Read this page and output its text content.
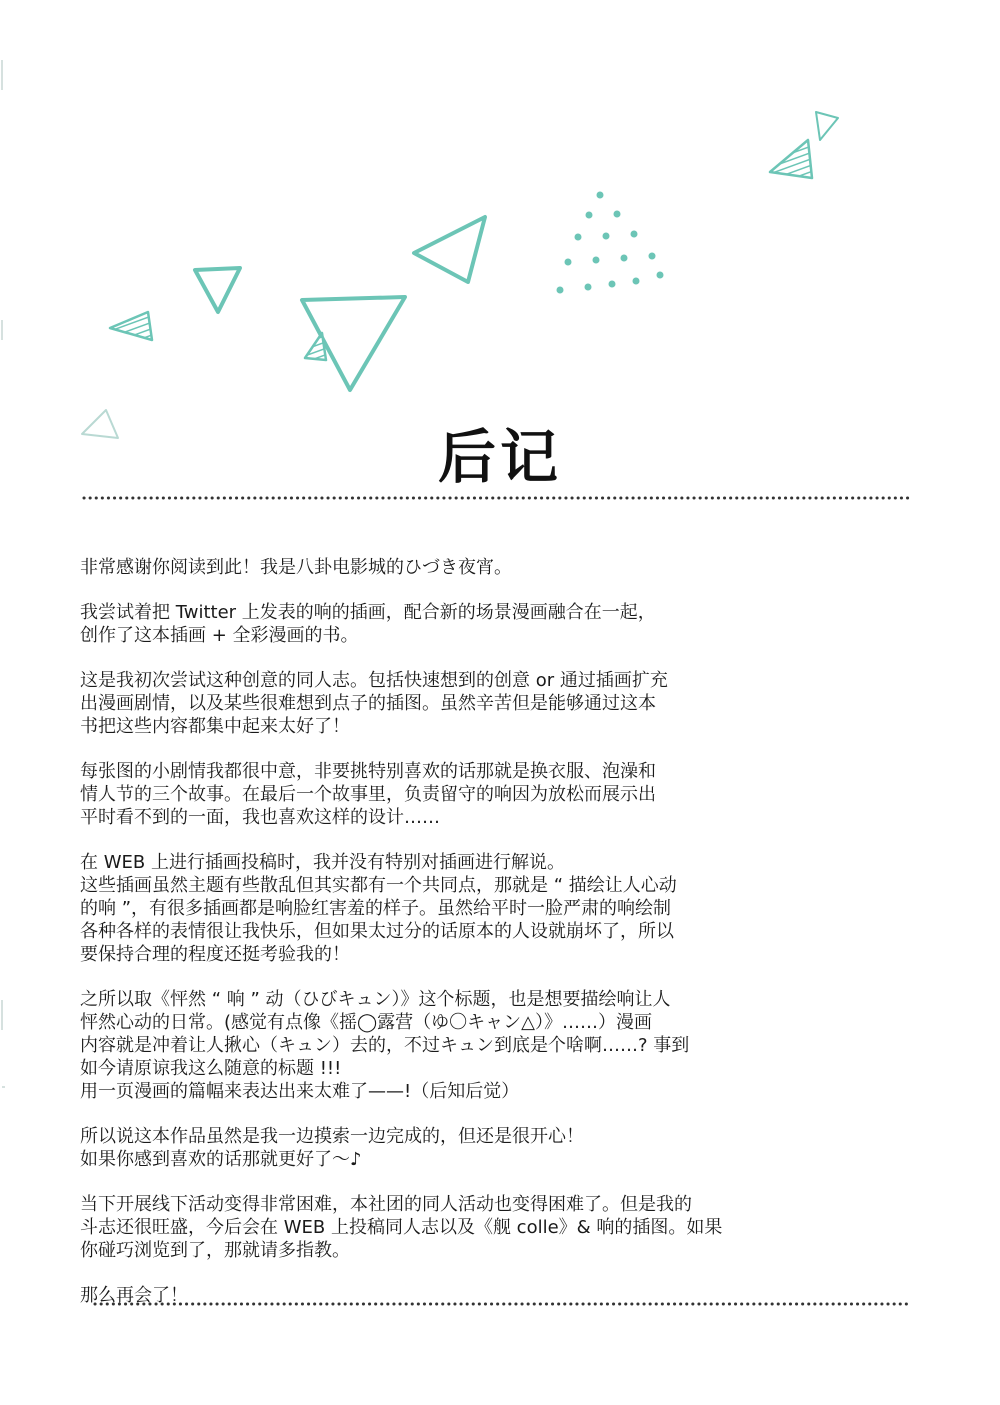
后记
非常感谢你阅读到此！我是八卦电影城的ひづき夜宵。
我尝试着把 Twitter 上发表的响的插画，配合新的场景漫画融合在一起，
创作了这本插画 + 全彩漫画的书。
这是我初次尝试这种创意的同人志。包括快速想到的创意 or 通过插画扩充
出漫画剧情，以及某些很难想到点子的插图。虽然辛苦但是能够通过这本
书把这些内容都集中起来太好了！
每张图的小剧情我都很中意，非要挑特别喜欢的话那就是换衣服、泡澡和
情人节的三个故事。在最后一个故事里，负责留守的响因为放松而展示出
平时看不到的一面，我也喜欢这样的设计……
在 WEB 上进行插画投稿时，我并没有特别对插画进行解说。
这些插画虽然主题有些散乱但其实都有一个共同点，那就是 “ 描绘让人心动
的响 ”，有很多插画都是响脸红害羞的样子。虽然给平时一脸严肃的响绘制
各种各样的表情很让我快乐，但如果太过分的话原本的人设就崩坏了，所以
要保持合理的程度还挺考验我的！
之所以取《怦然 “ 响 ” 动（ひびキュン）》这个标题，也是想要描绘响让人
怦然心动的日常。(感觉有点像《摇◯露营（ゆ〇キャン△）》……）漫画
内容就是冲着让人揪心（キュン）去的，不过キュン到底是个啥啊……? 事到
如今请原谅我这么随意的标题 !!!
用一页漫画的篇幅来表达出来太难了——!（后知后觉）
所以说这本作品虽然是我一边摸索一边完成的，但还是很开心！
如果你感到喜欢的话那就更好了～♪
当下开展线下活动变得非常困难，本社团的同人活动也变得困难了。但是我的
斗志还很旺盛，今后会在 WEB 上投稿同人志以及《舰 colle》& 响的插图。如果
你碰巧浏览到了，那就请多指教。
那么再会了！
